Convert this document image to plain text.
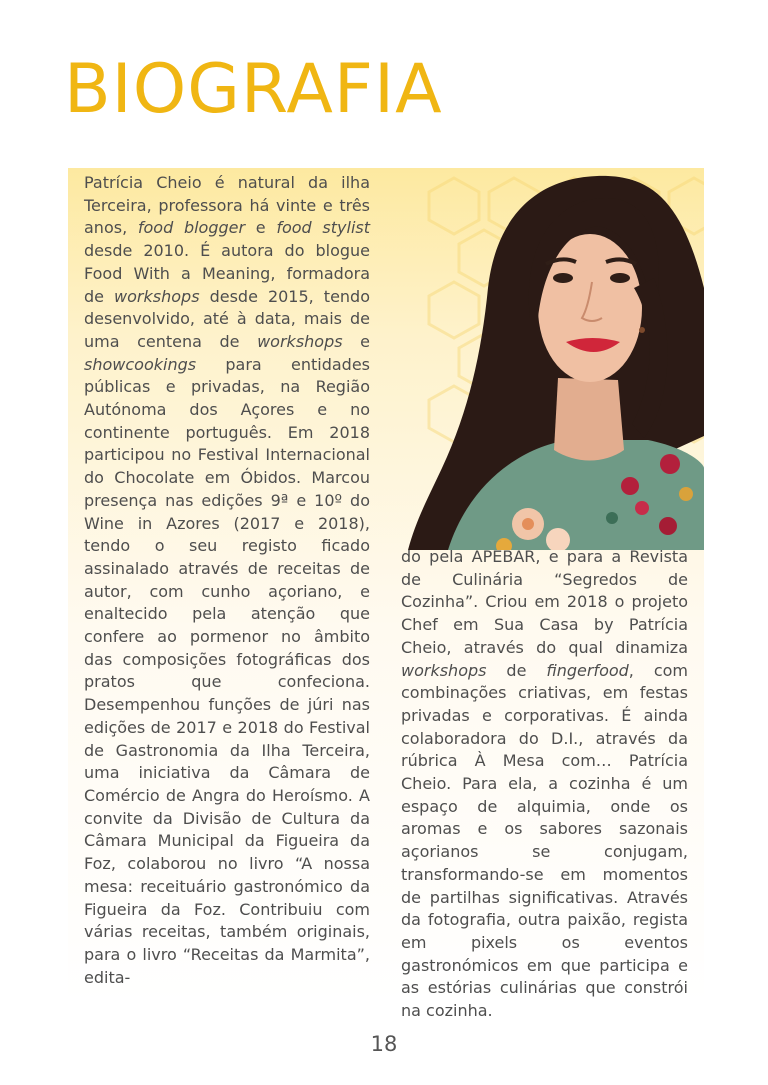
BIOGRAFIA

Patrícia Cheio é natural da ilha Terceira, professora há vinte e três anos, food blogger e food stylist desde 2010. É autora do blogue Food With a Meaning, formadora de workshops desde 2015, tendo desenvolvido, até à data, mais de uma centena de workshops e showcookings para entidades públicas e privadas, na Região Autónoma dos Açores e no continente português. Em 2018 participou no Festival Internacional do Chocolate em Óbidos. Marcou presença nas edições 9ª e 10º do Wine in Azores (2017 e 2018), tendo o seu registo ficado assinalado através de receitas de autor, com cunho açoriano, e enaltecido pela atenção que confere ao pormenor no âmbito das composições fotográficas dos pratos que confeciona. Desempenhou funções de júri nas edições de 2017 e 2018 do Festival de Gastronomia da Ilha Terceira, uma iniciativa da Câmara de Comércio de Angra do Heroísmo. A convite da Divisão de Cultura da Câmara Municipal da Figueira da Foz, colaborou no livro “A nossa mesa: receituário gastronómico da Figueira da Foz. Contribuiu com várias receitas, também originais, para o livro “Receitas da Marmita”, edita-

do pela APEBAR, e para a Revista de Culinária “Segredos de Cozinha”. Criou em 2018 o projeto Chef em Sua Casa by Patrícia Cheio, através do qual dinamiza workshops de fingerfood, com combinações criativas, em festas privadas e corporativas. É ainda colaboradora do D.I., através da rúbrica À Mesa com… Patrícia Cheio. Para ela, a cozinha é um espaço de alquimia, onde os aromas e os sabores sazonais açorianos se conjugam, transformando-se em momentos de partilhas significativas. Através da fotografia, outra paixão, regista em pixels os eventos gastronómicos em que participa e as estórias culinárias que constrói na cozinha.

18
